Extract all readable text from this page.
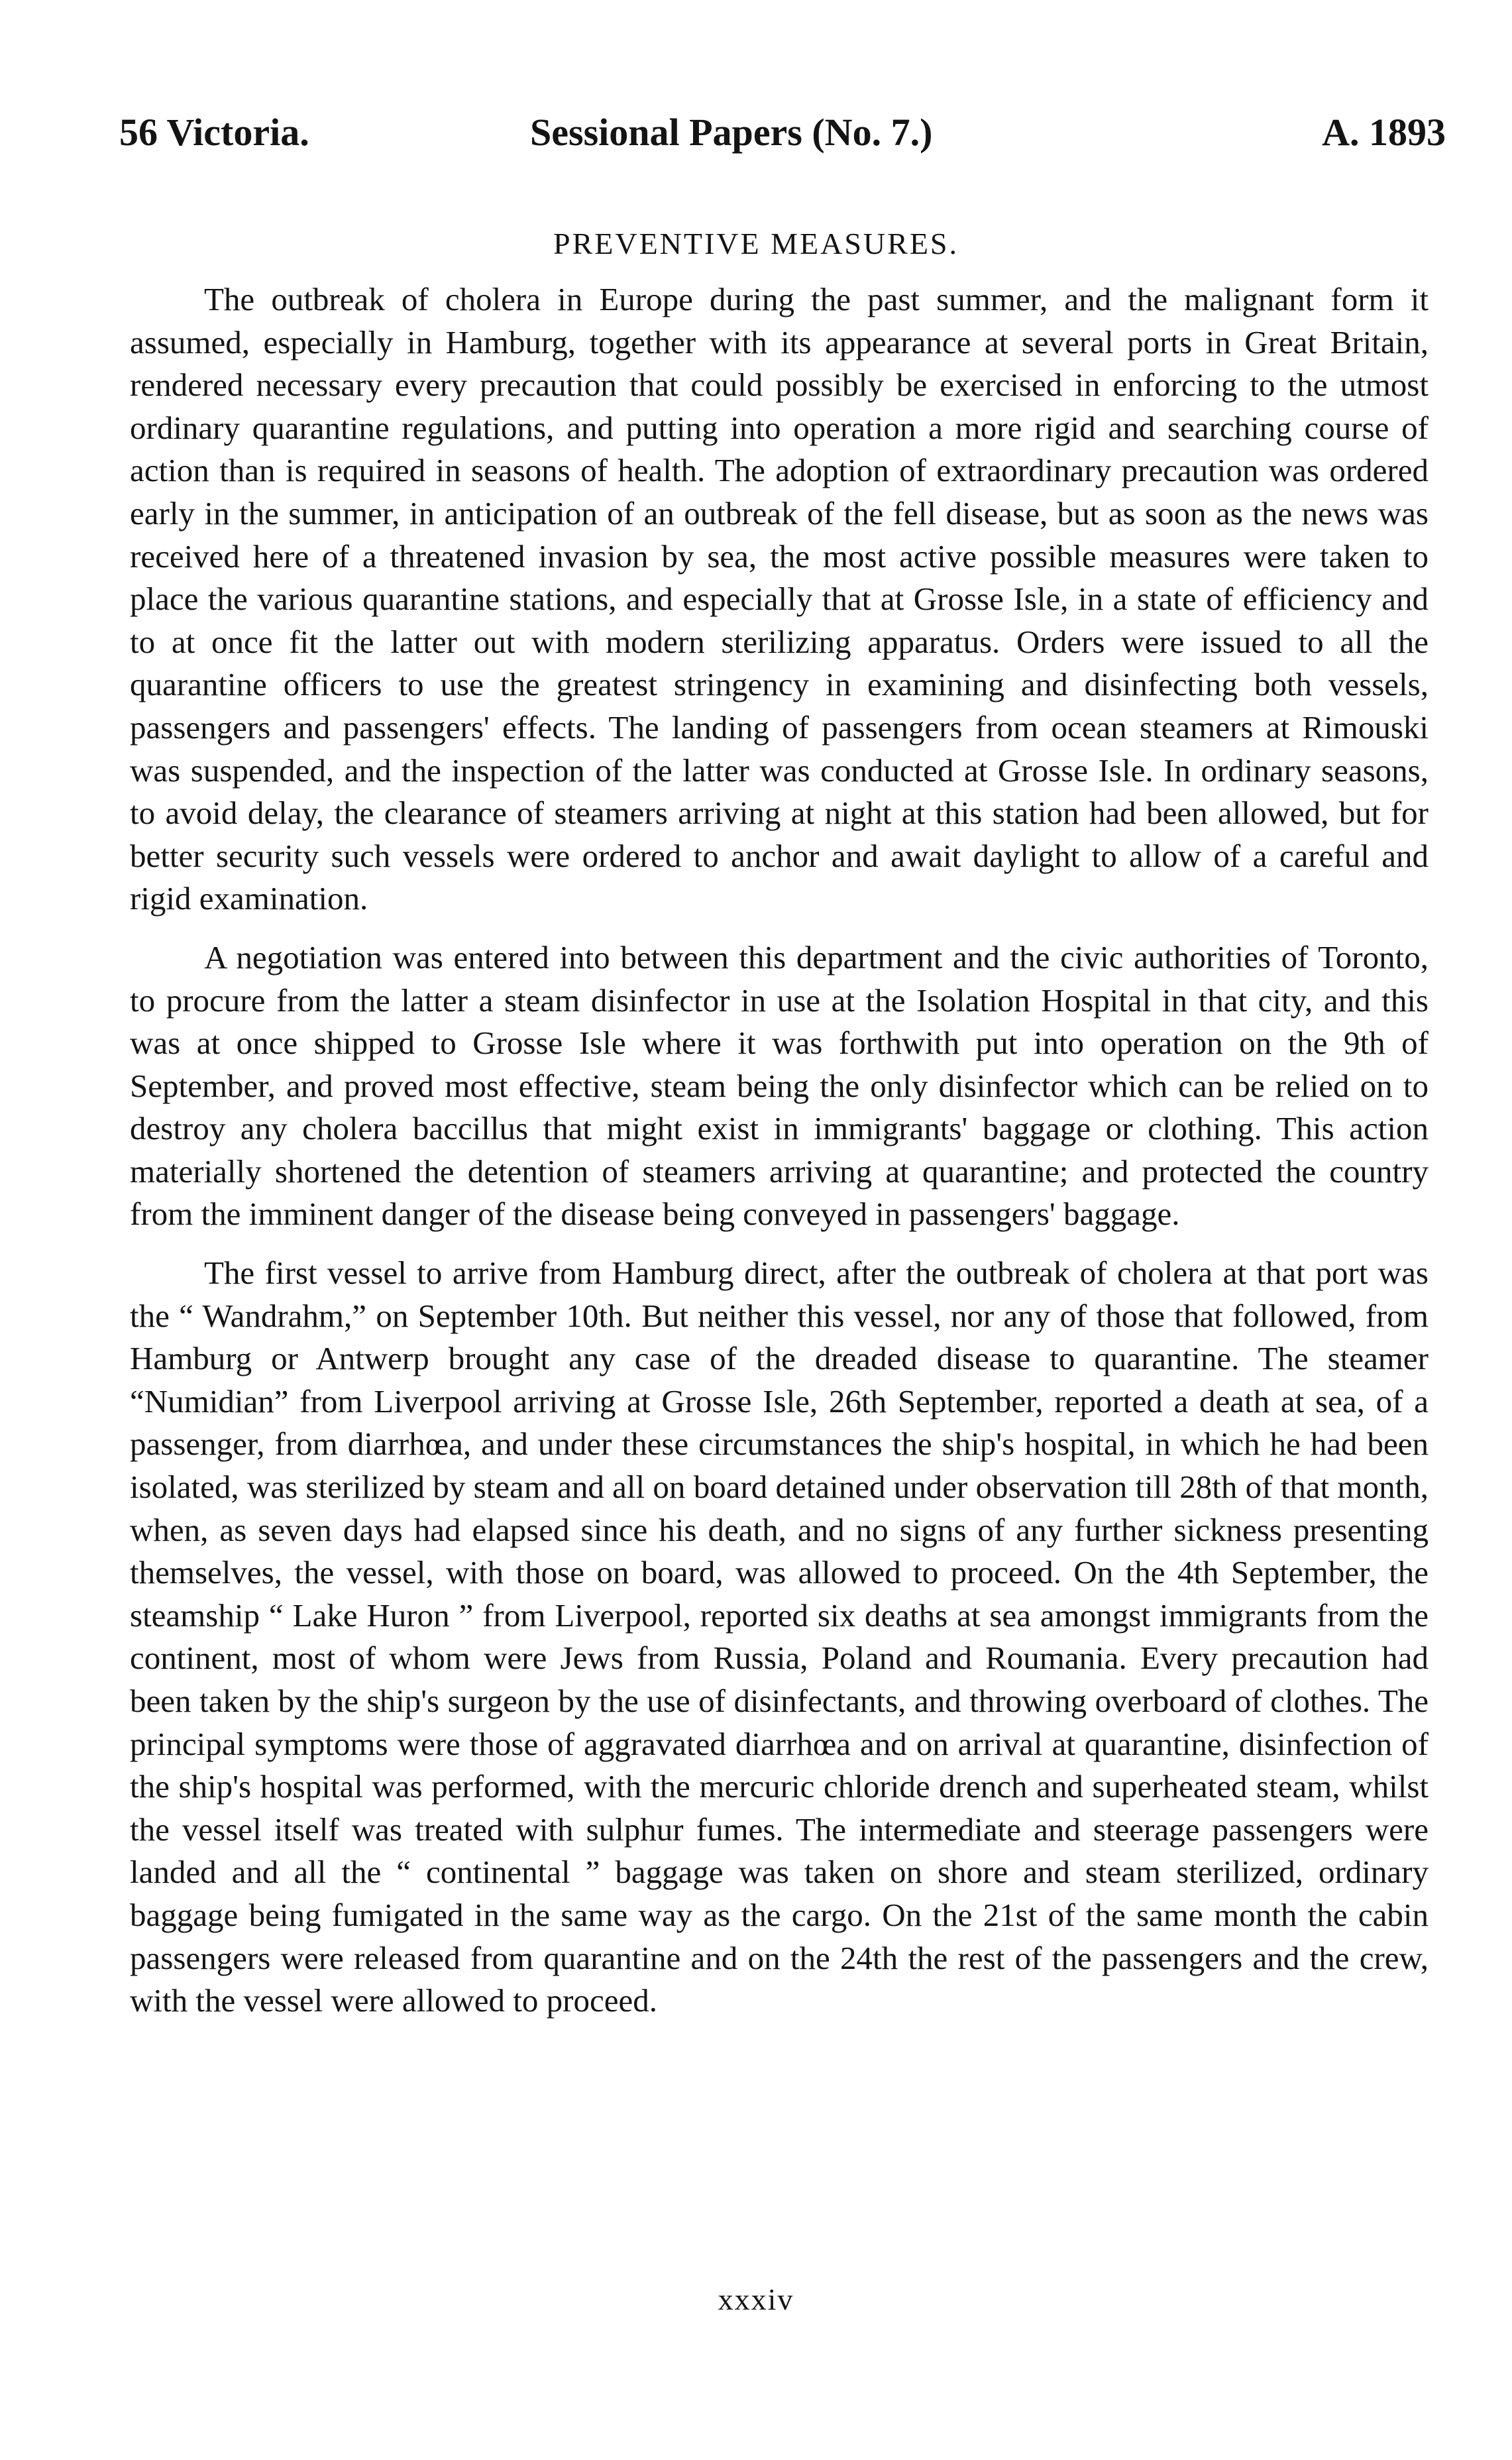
56 Victoria.	Sessional Papers (No. 7.)	A. 1893
PREVENTIVE MEASURES.

The outbreak of cholera in Europe during the past summer, and the malignant form it assumed, especially in Hamburg, together with its appearance at several ports in Great Britain, rendered necessary every precaution that could possibly be exercised in enforcing to the utmost ordinary quarantine regulations, and putting into operation a more rigid and searching course of action than is required in seasons of health. The adoption of extraordinary precaution was ordered early in the summer, in anticipation of an outbreak of the fell disease, but as soon as the news was received here of a threatened invasion by sea, the most active possible measures were taken to place the various quarantine stations, and especially that at Grosse Isle, in a state of efficiency and to at once fit the latter out with modern sterilizing apparatus. Orders were issued to all the quarantine officers to use the greatest stringency in examining and disinfecting both vessels, passengers and passengers' effects. The landing of passengers from ocean steamers at Rimouski was suspended, and the inspection of the latter was conducted at Grosse Isle. In ordinary seasons, to avoid delay, the clearance of steamers arriving at night at this station had been allowed, but for better security such vessels were ordered to anchor and await daylight to allow of a careful and rigid examination.

A negotiation was entered into between this department and the civic authorities of Toronto, to procure from the latter a steam disinfector in use at the Isolation Hospital in that city, and this was at once shipped to Grosse Isle where it was forthwith put into operation on the 9th of September, and proved most effective, steam being the only disinfector which can be relied on to destroy any cholera baccillus that might exist in immigrants' baggage or clothing. This action materially shortened the detention of steamers arriving at quarantine; and protected the country from the imminent danger of the disease being conveyed in passengers' baggage.

The first vessel to arrive from Hamburg direct, after the outbreak of cholera at that port was the “ Wandrahm,” on September 10th. But neither this vessel, nor any of those that followed, from Hamburg or Antwerp brought any case of the dreaded disease to quarantine. The steamer “Numidian” from Liverpool arriving at Grosse Isle, 26th September, reported a death at sea, of a passenger, from diarrhœa, and under these circumstances the ship's hospital, in which he had been isolated, was sterilized by steam and all on board detained under observation till 28th of that month, when, as seven days had elapsed since his death, and no signs of any further sickness presenting themselves, the vessel, with those on board, was allowed to proceed. On the 4th September, the steamship “ Lake Huron ” from Liverpool, reported six deaths at sea amongst immigrants from the continent, most of whom were Jews from Russia, Poland and Roumania. Every precaution had been taken by the ship's surgeon by the use of disinfectants, and throwing overboard of clothes. The principal symptoms were those of aggravated diarrhœa and on arrival at quarantine, disinfection of the ship's hospital was performed, with the mercuric chloride drench and superheated steam, whilst the vessel itself was treated with sulphur fumes. The intermediate and steerage passengers were landed and all the “ continental ” baggage was taken on shore and steam sterilized, ordinary baggage being fumigated in the same way as the cargo. On the 21st of the same month the cabin passengers were released from quarantine and on the 24th the rest of the passengers and the crew, with the vessel were allowed to proceed.

xxxiv
